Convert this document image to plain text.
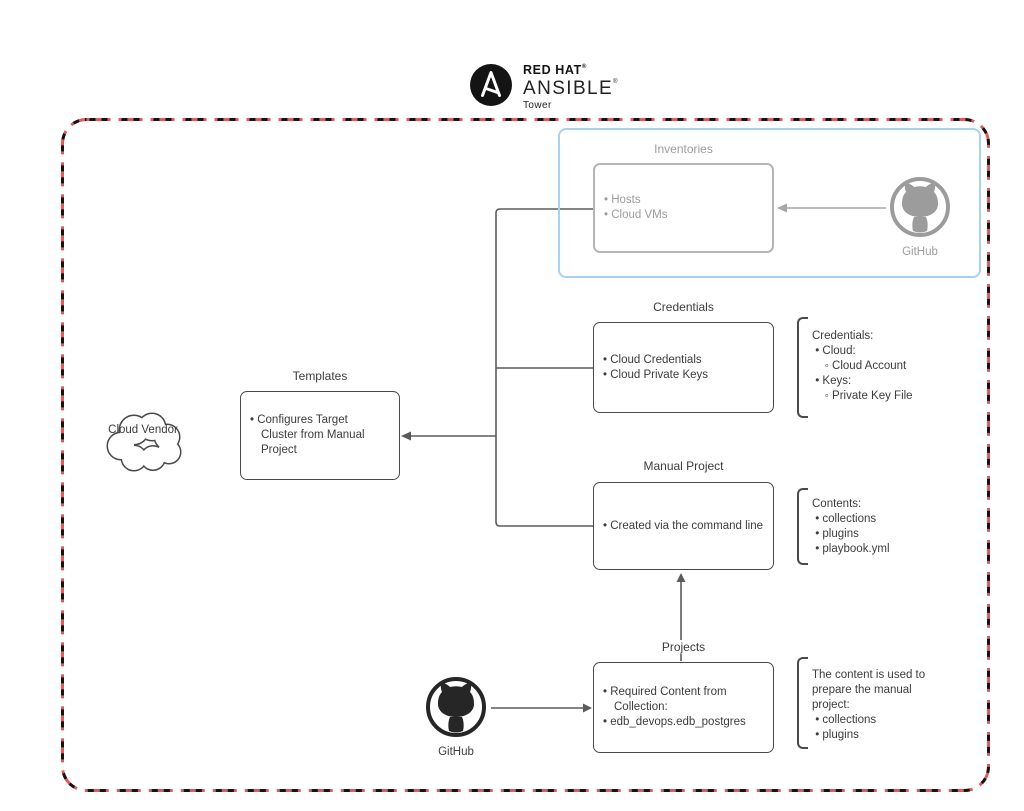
RED HAT®
ANSIBLE®
Tower
Inventories
• Hosts
• Cloud VMs
GitHub
Credentials
• Cloud Credentials
• Cloud Private Keys
Credentials:
• Cloud:
◦ Cloud Account
• Keys:
◦ Private Key File
Templates
• Configures Target Cluster from Manual Project
Cloud Vendor
Manual Project
• Created via the command line
Contents:
• collections
• plugins
• playbook.yml
Projects
• Required Content from Collection:
• edb_devops.edb_postgres
The content is used to
prepare the manual
project:
• collections
• plugins
GitHub
